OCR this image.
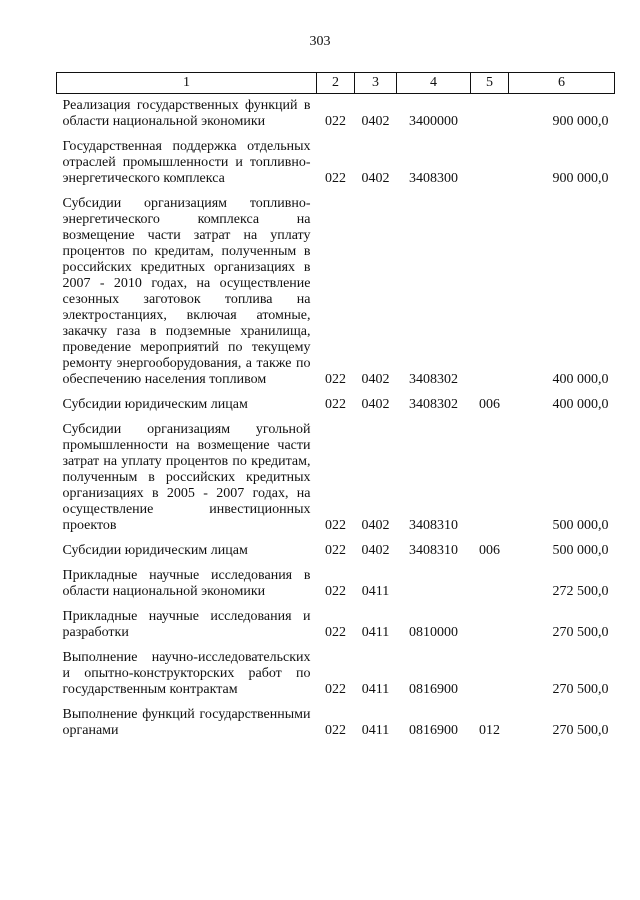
303
1	2	3	4	5	6
Реализация государственных функций в области национальной экономики	022	0402	3400000		900 000,0
Государственная поддержка отдельных отраслей промышленности и топливно-энергетического комплекса	022	0402	3408300		900 000,0
Субсидии организациям топливно-энергетического комплекса на возмещение части затрат на уплату процентов по кредитам, полученным в российских кредитных организациях в 2007 - 2010 годах, на осуществление сезонных заготовок топлива на электростанциях, включая атомные, закачку газа в подземные хранилища, проведение мероприятий по текущему ремонту энергооборудования, а также по обеспечению населения топливом	022	0402	3408302		400 000,0
Субсидии юридическим лицам	022	0402	3408302	006	400 000,0
Субсидии организациям угольной промышленности на возмещение части затрат на уплату процентов по кредитам, полученным в российских кредитных организациях в 2005 - 2007 годах, на осуществление инвестиционных проектов	022	0402	3408310		500 000,0
Субсидии юридическим лицам	022	0402	3408310	006	500 000,0
Прикладные научные исследования в области национальной экономики	022	0411			272 500,0
Прикладные научные исследования и разработки	022	0411	0810000		270 500,0
Выполнение научно-исследовательских и опытно-конструкторских работ по государственным контрактам	022	0411	0816900		270 500,0
Выполнение функций государственными органами	022	0411	0816900	012	270 500,0
